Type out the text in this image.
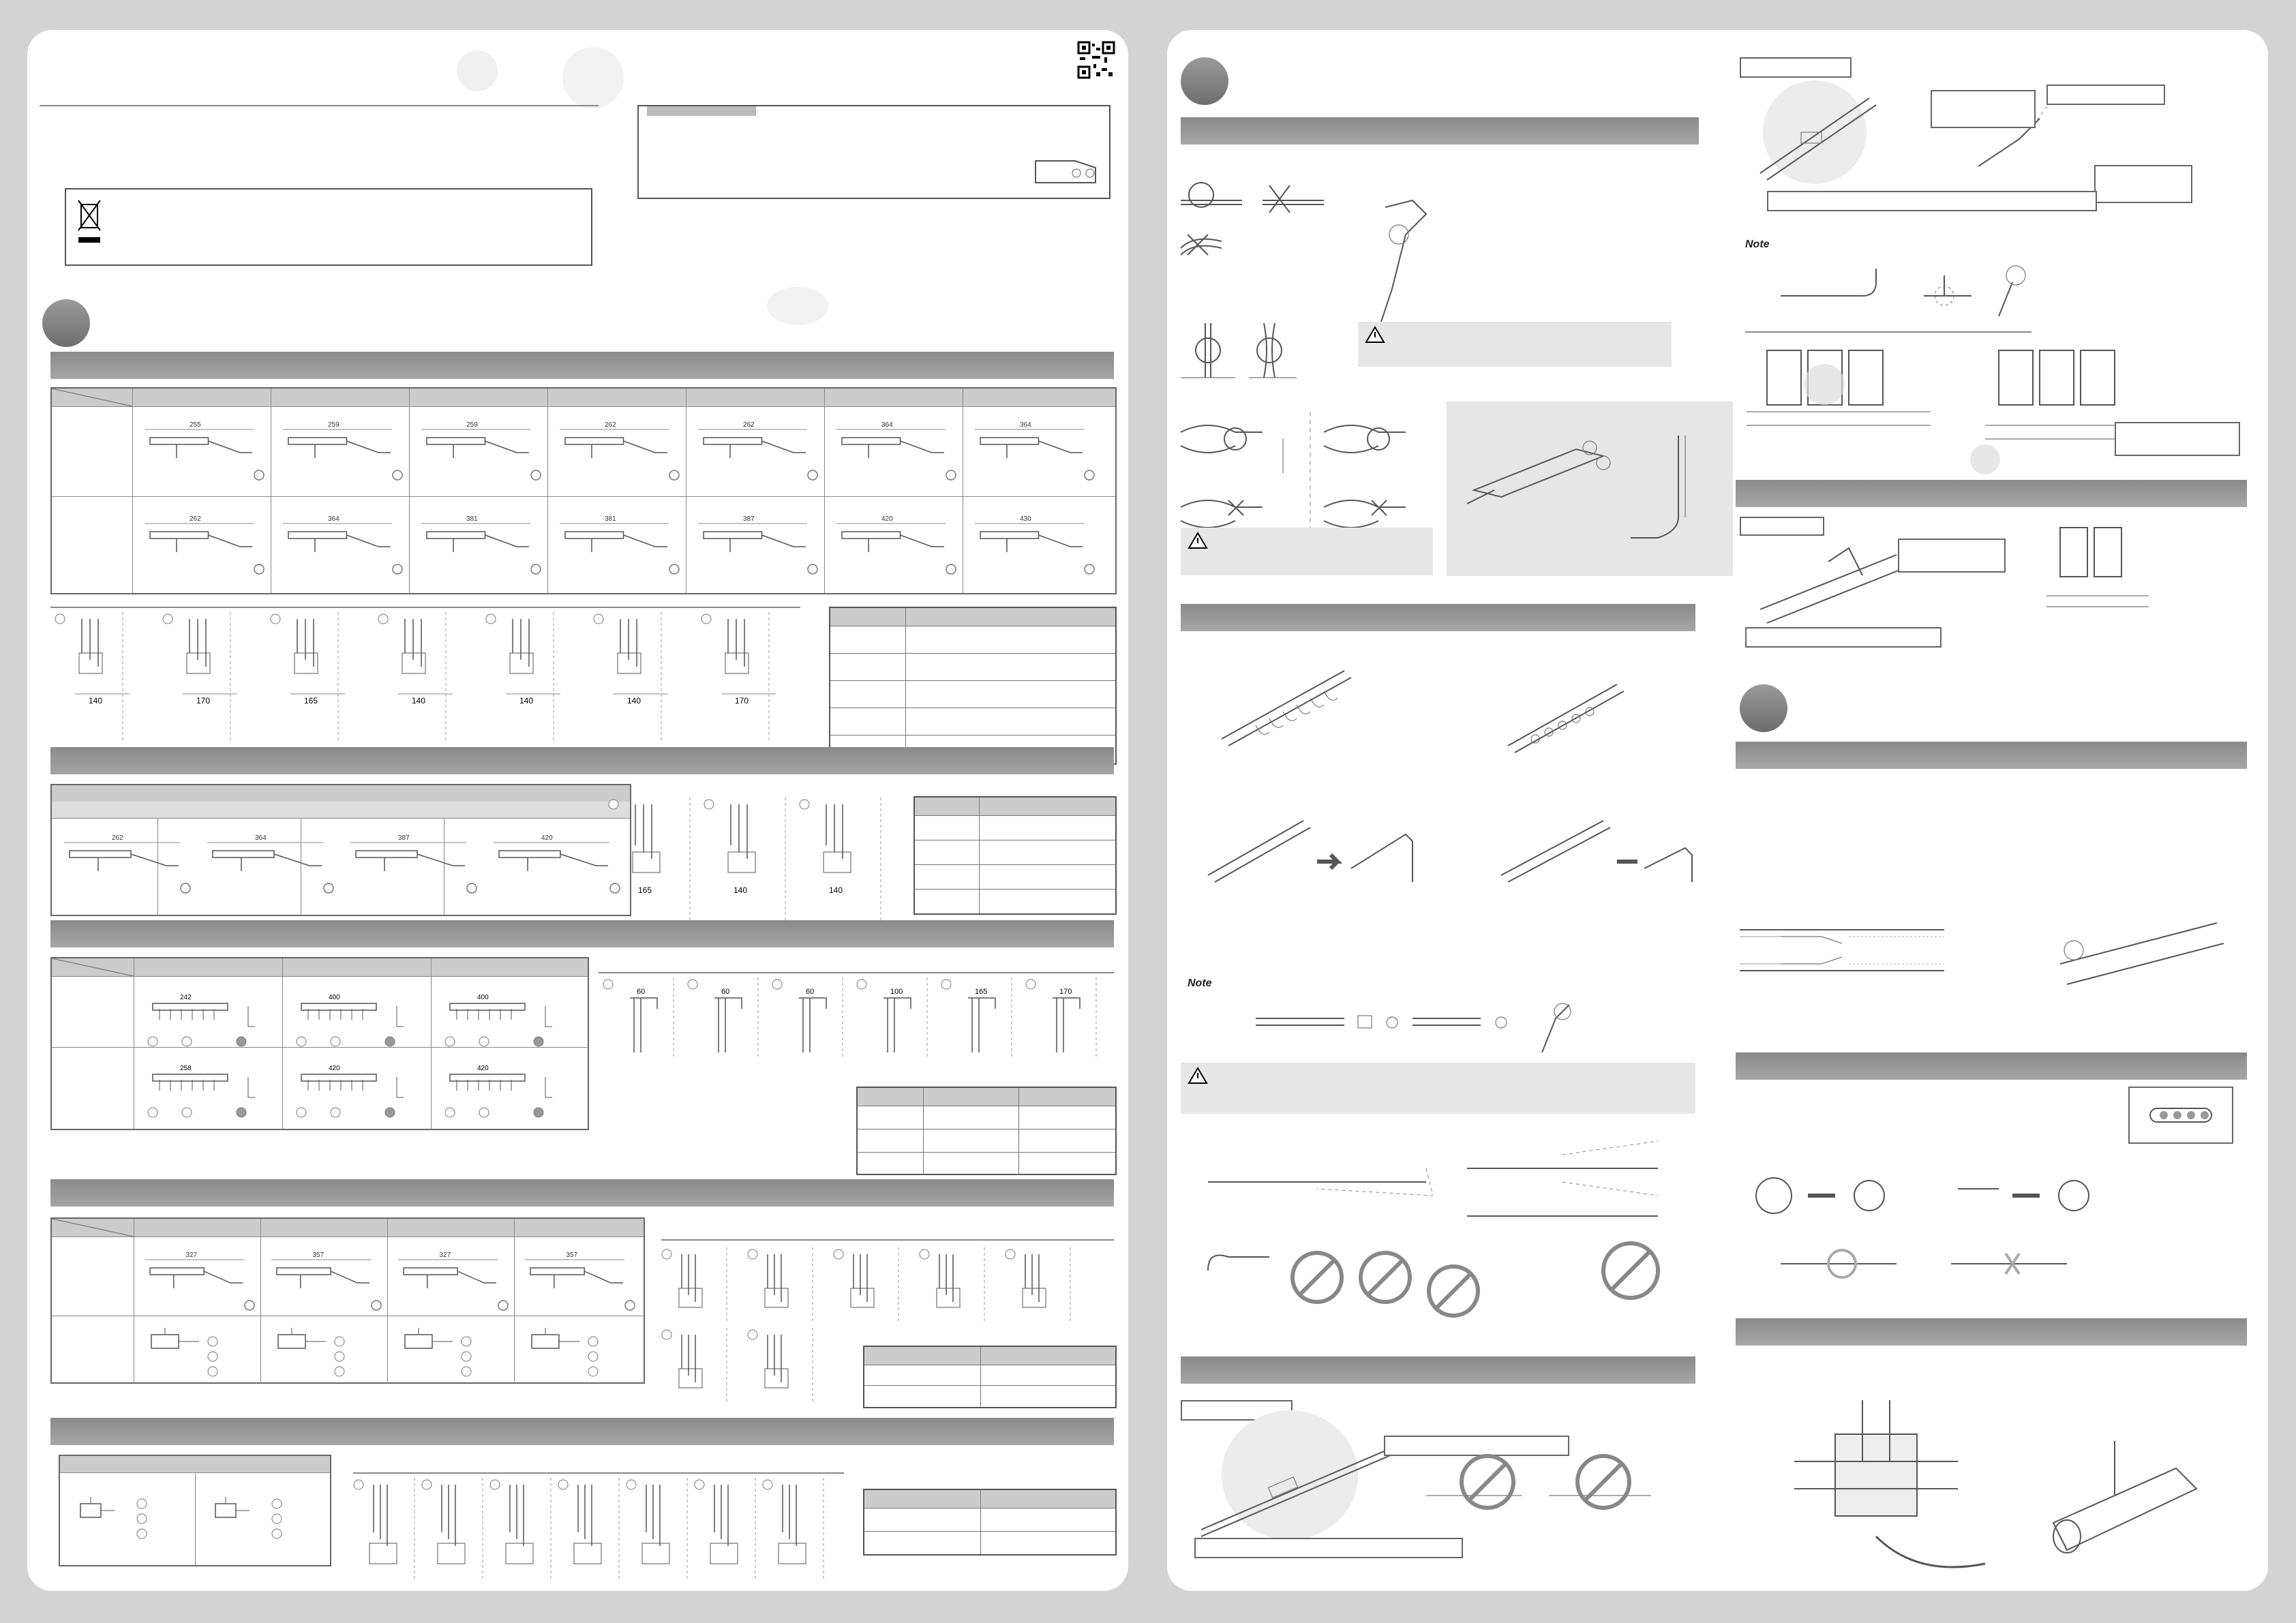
255	259	259	262	262	364	364
262	364	381	381	387	420	430
140	170	165	140	140	140	170
262	364	387	420
165	140	140
242	400	400
258	420	420
60	60	60	100	165	170
327	357	327	357
Note
Note
